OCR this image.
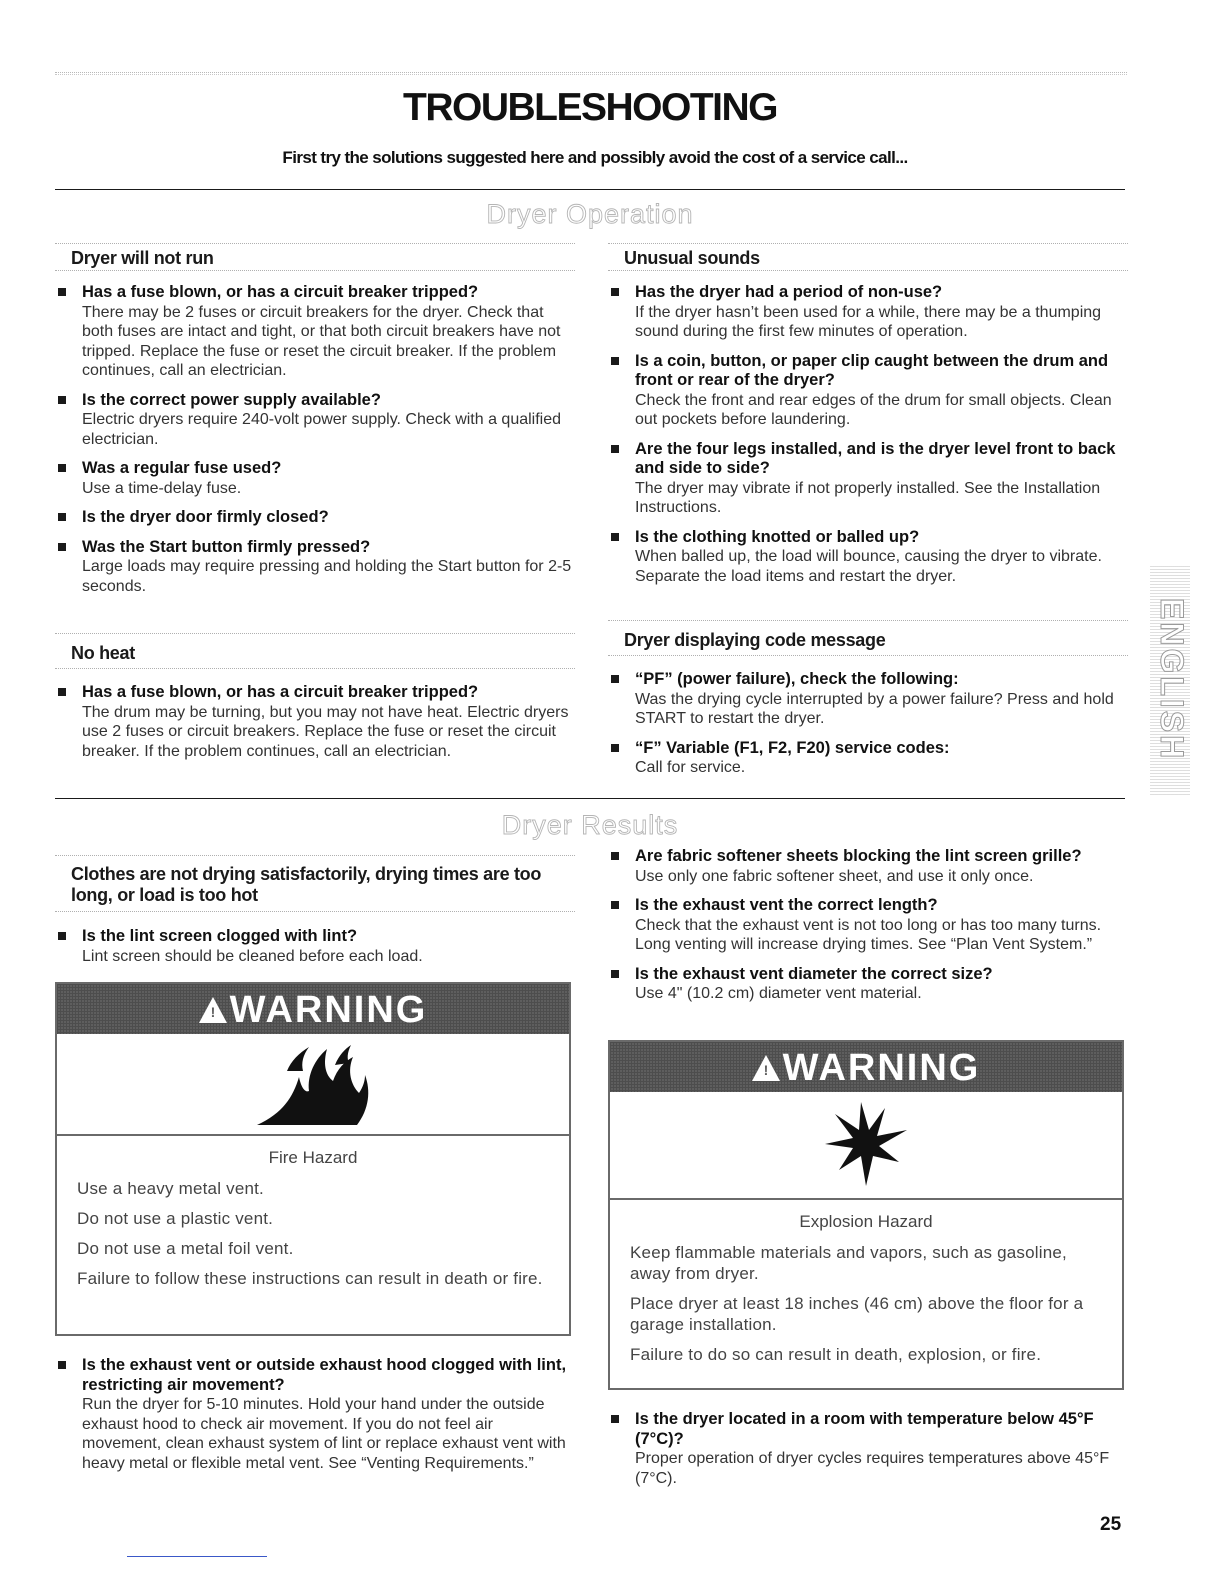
TROUBLESHOOTING
First try the solutions suggested here and possibly avoid the cost of a service call...
Dryer Operation
Dryer will not run
Has a fuse blown, or has a circuit breaker tripped?
There may be 2 fuses or circuit breakers for the dryer. Check that both fuses are intact and tight, or that both circuit breakers have not tripped. Replace the fuse or reset the circuit breaker. If the problem continues, call an electrician.
Is the correct power supply available?
Electric dryers require 240-volt power supply. Check with a qualified electrician.
Was a regular fuse used?
Use a time-delay fuse.
Is the dryer door firmly closed?
Was the Start button firmly pressed?
Large loads may require pressing and holding the Start button for 2-5 seconds.
No heat
Has a fuse blown, or has a circuit breaker tripped?
The drum may be turning, but you may not have heat. Electric dryers use 2 fuses or circuit breakers. Replace the fuse or reset the circuit breaker. If the problem continues, call an electrician.
Unusual sounds
Has the dryer had a period of non-use?
If the dryer hasn’t been used for a while, there may be a thumping sound during the first few minutes of operation.
Is a coin, button, or paper clip caught between the drum and front or rear of the dryer?
Check the front and rear edges of the drum for small objects. Clean out pockets before laundering.
Are the four legs installed, and is the dryer level front to back and side to side?
The dryer may vibrate if not properly installed. See the Installation Instructions.
Is the clothing knotted or balled up?
When balled up, the load will bounce, causing the dryer to vibrate. Separate the load items and restart the dryer.
Dryer displaying code message
“PF” (power failure), check the following:
Was the drying cycle interrupted by a power failure? Press and hold START to restart the dryer.
“F” Variable (F1, F2, F20) service codes:
Call for service.
ENGLISH
Dryer Results
Clothes are not drying satisfactorily, drying times are too long, or load is too hot
Is the lint screen clogged with lint?
Lint screen should be cleaned before each load.
! WARNING
Fire Hazard
Use a heavy metal vent.
Do not use a plastic vent.
Do not use a metal foil vent.
Failure to follow these instructions can result in death or fire.
Is the exhaust vent or outside exhaust hood clogged with lint, restricting air movement?
Run the dryer for 5-10 minutes. Hold your hand under the outside exhaust hood to check air movement. If you do not feel air movement, clean exhaust system of lint or replace exhaust vent with heavy metal or flexible metal vent. See “Venting Requirements.”
Are fabric softener sheets blocking the lint screen grille?
Use only one fabric softener sheet, and use it only once.
Is the exhaust vent the correct length?
Check that the exhaust vent is not too long or has too many turns. Long venting will increase drying times. See “Plan Vent System.”
Is the exhaust vent diameter the correct size?
Use 4" (10.2 cm) diameter vent material.
! WARNING
Explosion Hazard
Keep flammable materials and vapors, such as gasoline, away from dryer.
Place dryer at least 18 inches (46 cm) above the floor for a garage installation.
Failure to do so can result in death, explosion, or fire.
Is the dryer located in a room with temperature below 45°F (7°C)?
Proper operation of dryer cycles requires temperatures above 45°F (7°C).
25
